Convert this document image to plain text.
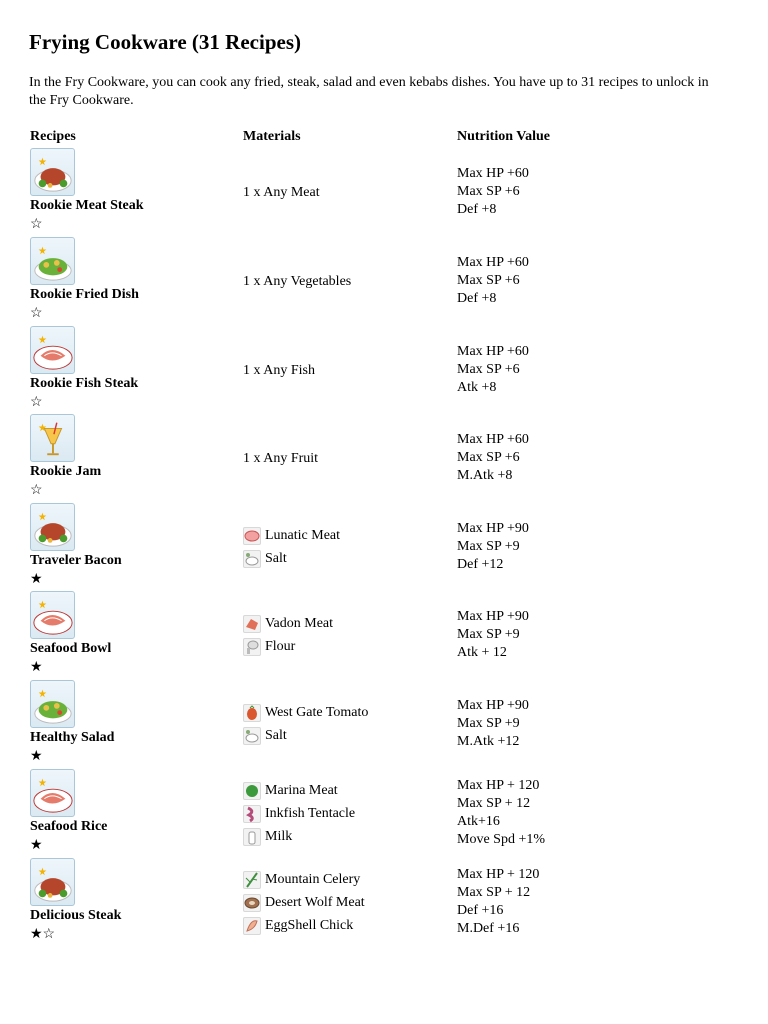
Frying Cookware (31 Recipes)

In the Fry Cookware, you can cook any fried, steak, salad and even kebabs dishes. You have up to 31 recipes to unlock in the Fry Cookware.

Recipes	Materials	Nutrition Value
Rookie Meat Steak
☆
1 x Any Meat
Max HP +60
Max SP +6
Def +8
Rookie Fried Dish
☆
1 x Any Vegetables
Max HP +60
Max SP +6
Def +8
Rookie Fish Steak
☆
1 x Any Fish
Max HP +60
Max SP +6
Atk +8
Rookie Jam
☆
1 x Any Fruit
Max HP +60
Max SP +6
M.Atk +8
Traveler Bacon
★
Lunatic Meat
Salt
Max HP +90
Max SP +9
Def +12
Seafood Bowl
★
Vadon Meat
Flour
Max HP +90
Max SP +9
Atk + 12
Healthy Salad
★
West Gate Tomato
Salt
Max HP +90
Max SP +9
M.Atk +12
Seafood Rice
★
Marina Meat
Inkfish Tentacle
Milk
Max HP + 120
Max SP + 12
Atk+16
Move Spd +1%
Delicious Steak
★☆
Mountain Celery
Desert Wolf Meat
EggShell Chick
Max HP + 120
Max SP + 12
Def +16
M.Def +16
